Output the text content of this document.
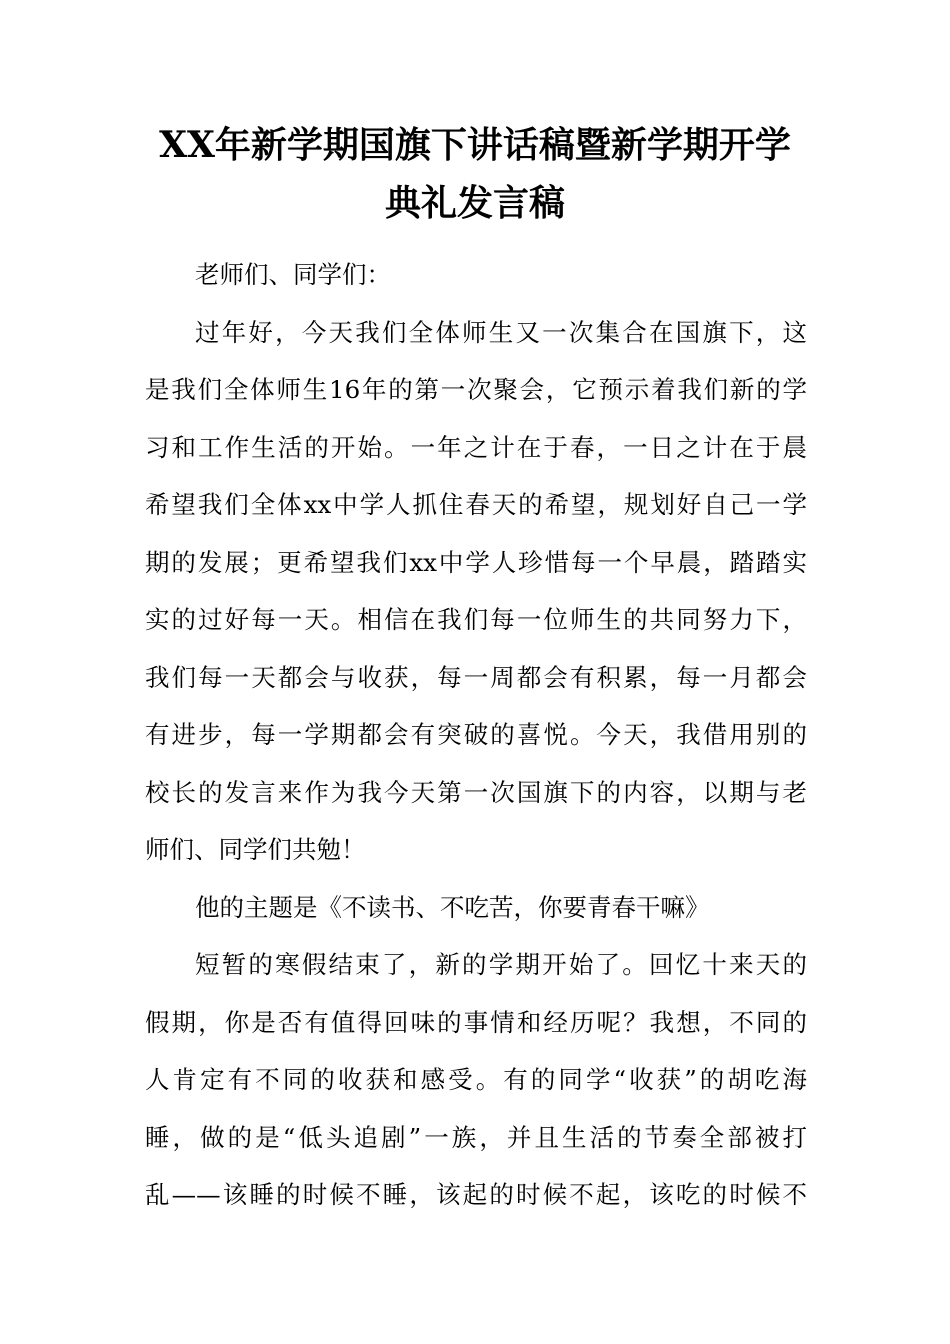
XX年新学期国旗下讲话稿暨新学期开学
典礼发言稿
老师们、同学们：
过年好，今天我们全体师生又一次集合在国旗下，这
是我们全体师生16年的第一次聚会，它预示着我们新的学
习和工作生活的开始。一年之计在于春，一日之计在于晨
希望我们全体xx中学人抓住春天的希望，规划好自己一学
期的发展；更希望我们xx中学人珍惜每一个早晨，踏踏实
实的过好每一天。相信在我们每一位师生的共同努力下，
我们每一天都会与收获，每一周都会有积累，每一月都会
有进步，每一学期都会有突破的喜悦。今天，我借用别的
校长的发言来作为我今天第一次国旗下的内容，以期与老
师们、同学们共勉！
他的主题是《不读书、不吃苦，你要青春干嘛》
短暂的寒假结束了，新的学期开始了。回忆十来天的
假期，你是否有值得回味的事情和经历呢？我想，不同的
人肯定有不同的收获和感受。有的同学“收获”的胡吃海
睡，做的是“低头追剧”一族，并且生活的节奏全部被打
乱——该睡的时候不睡，该起的时候不起，该吃的时候不
